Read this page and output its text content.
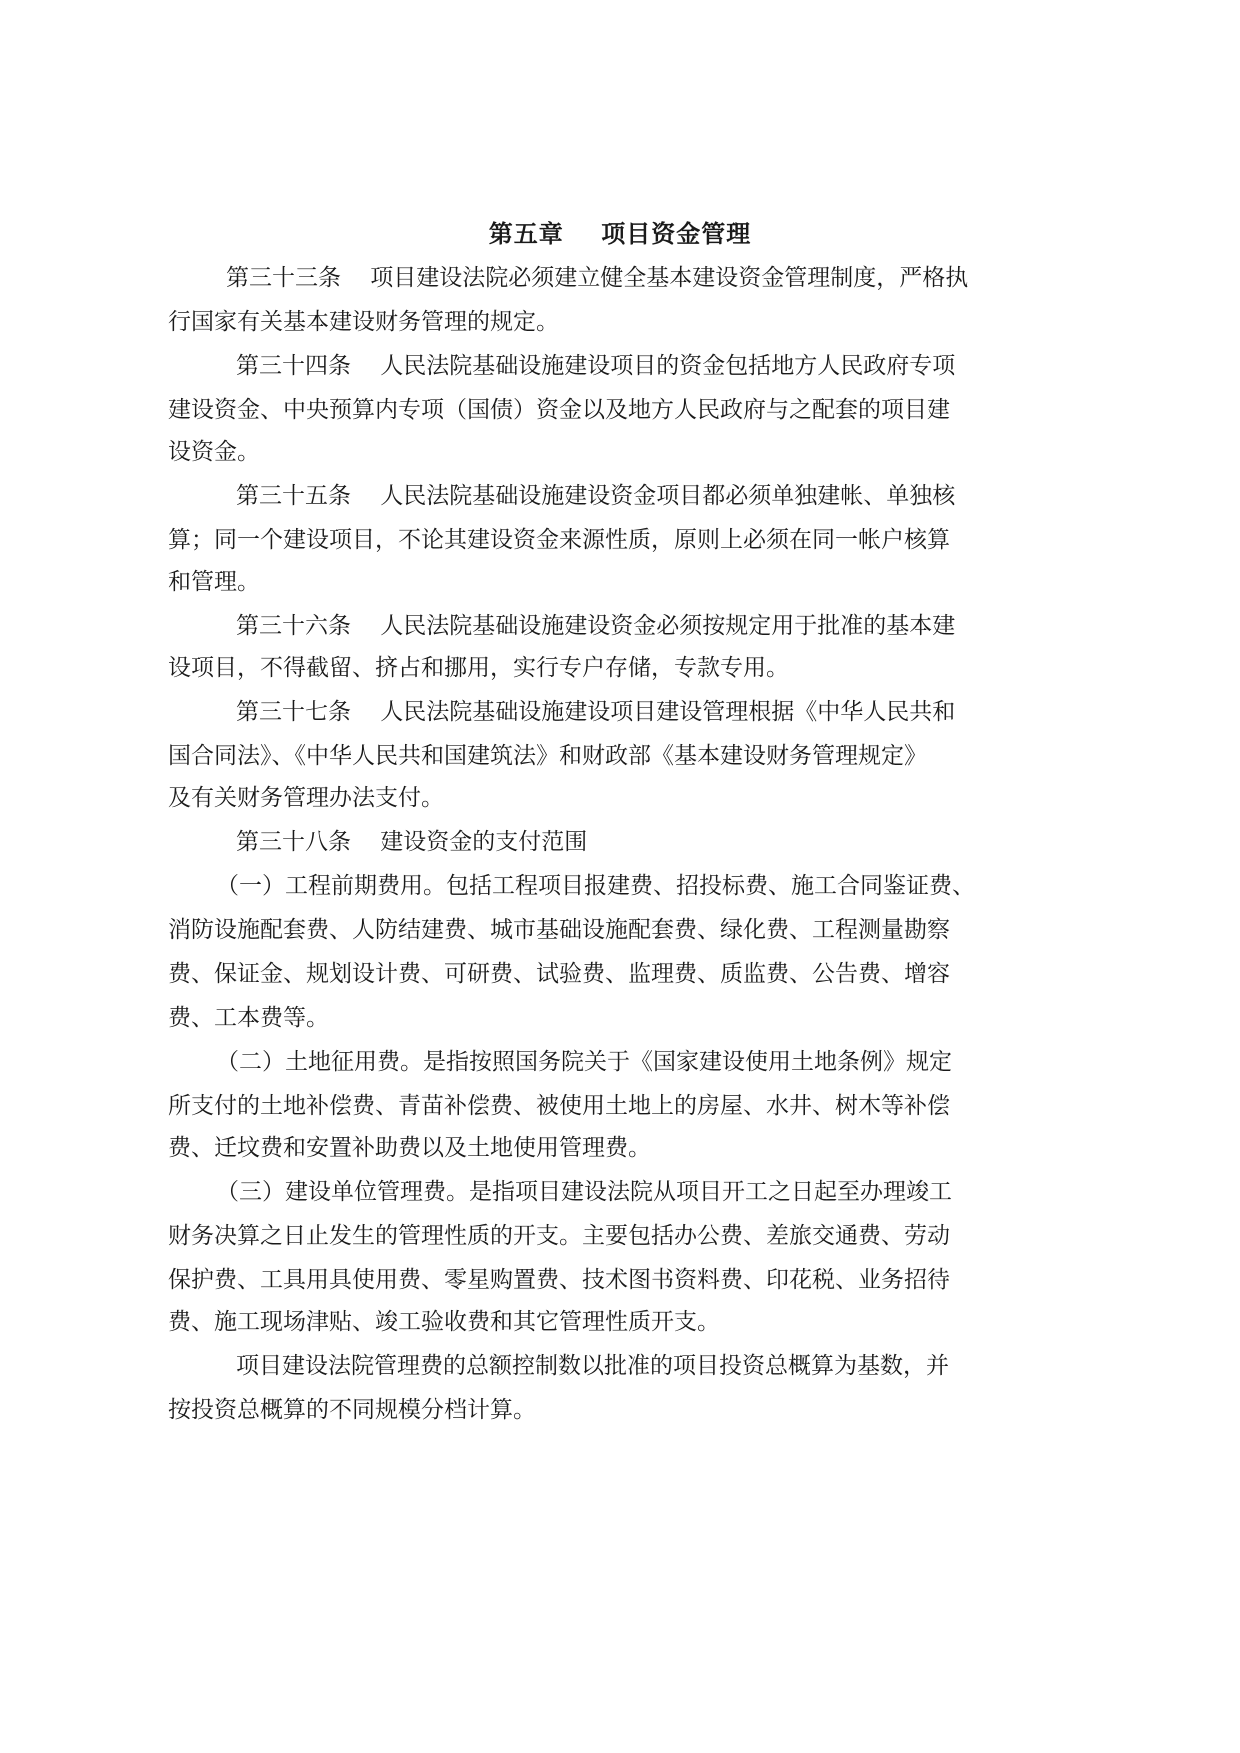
第五章    项目资金管理
第三十三条    项目建设法院必须建立健全基本建设资金管理制度，严格执
行国家有关基本建设财务管理的规定。
第三十四条    人民法院基础设施建设项目的资金包括地方人民政府专项
建设资金、中央预算内专项（国债）资金以及地方人民政府与之配套的项目建
设资金。
第三十五条    人民法院基础设施建设资金项目都必须单独建帐、单独核
算；同一个建设项目，不论其建设资金来源性质，原则上必须在同一帐户核算
和管理。
第三十六条    人民法院基础设施建设资金必须按规定用于批准的基本建
设项目，不得截留、挤占和挪用，实行专户存储，专款专用。
第三十七条    人民法院基础设施建设项目建设管理根据《中华人民共和
国合同法》、《中华人民共和国建筑法》和财政部《基本建设财务管理规定》
及有关财务管理办法支付。
第三十八条    建设资金的支付范围
（一）工程前期费用。包括工程项目报建费、招投标费、施工合同鉴证费、
消防设施配套费、人防结建费、城市基础设施配套费、绿化费、工程测量勘察
费、保证金、规划设计费、可研费、试验费、监理费、质监费、公告费、增容
费、工本费等。
（二）土地征用费。是指按照国务院关于《国家建设使用土地条例》规定
所支付的土地补偿费、青苗补偿费、被使用土地上的房屋、水井、树木等补偿
费、迁坟费和安置补助费以及土地使用管理费。
（三）建设单位管理费。是指项目建设法院从项目开工之日起至办理竣工
财务决算之日止发生的管理性质的开支。主要包括办公费、差旅交通费、劳动
保护费、工具用具使用费、零星购置费、技术图书资料费、印花税、业务招待
费、施工现场津贴、竣工验收费和其它管理性质开支。
项目建设法院管理费的总额控制数以批准的项目投资总概算为基数，并
按投资总概算的不同规模分档计算。
